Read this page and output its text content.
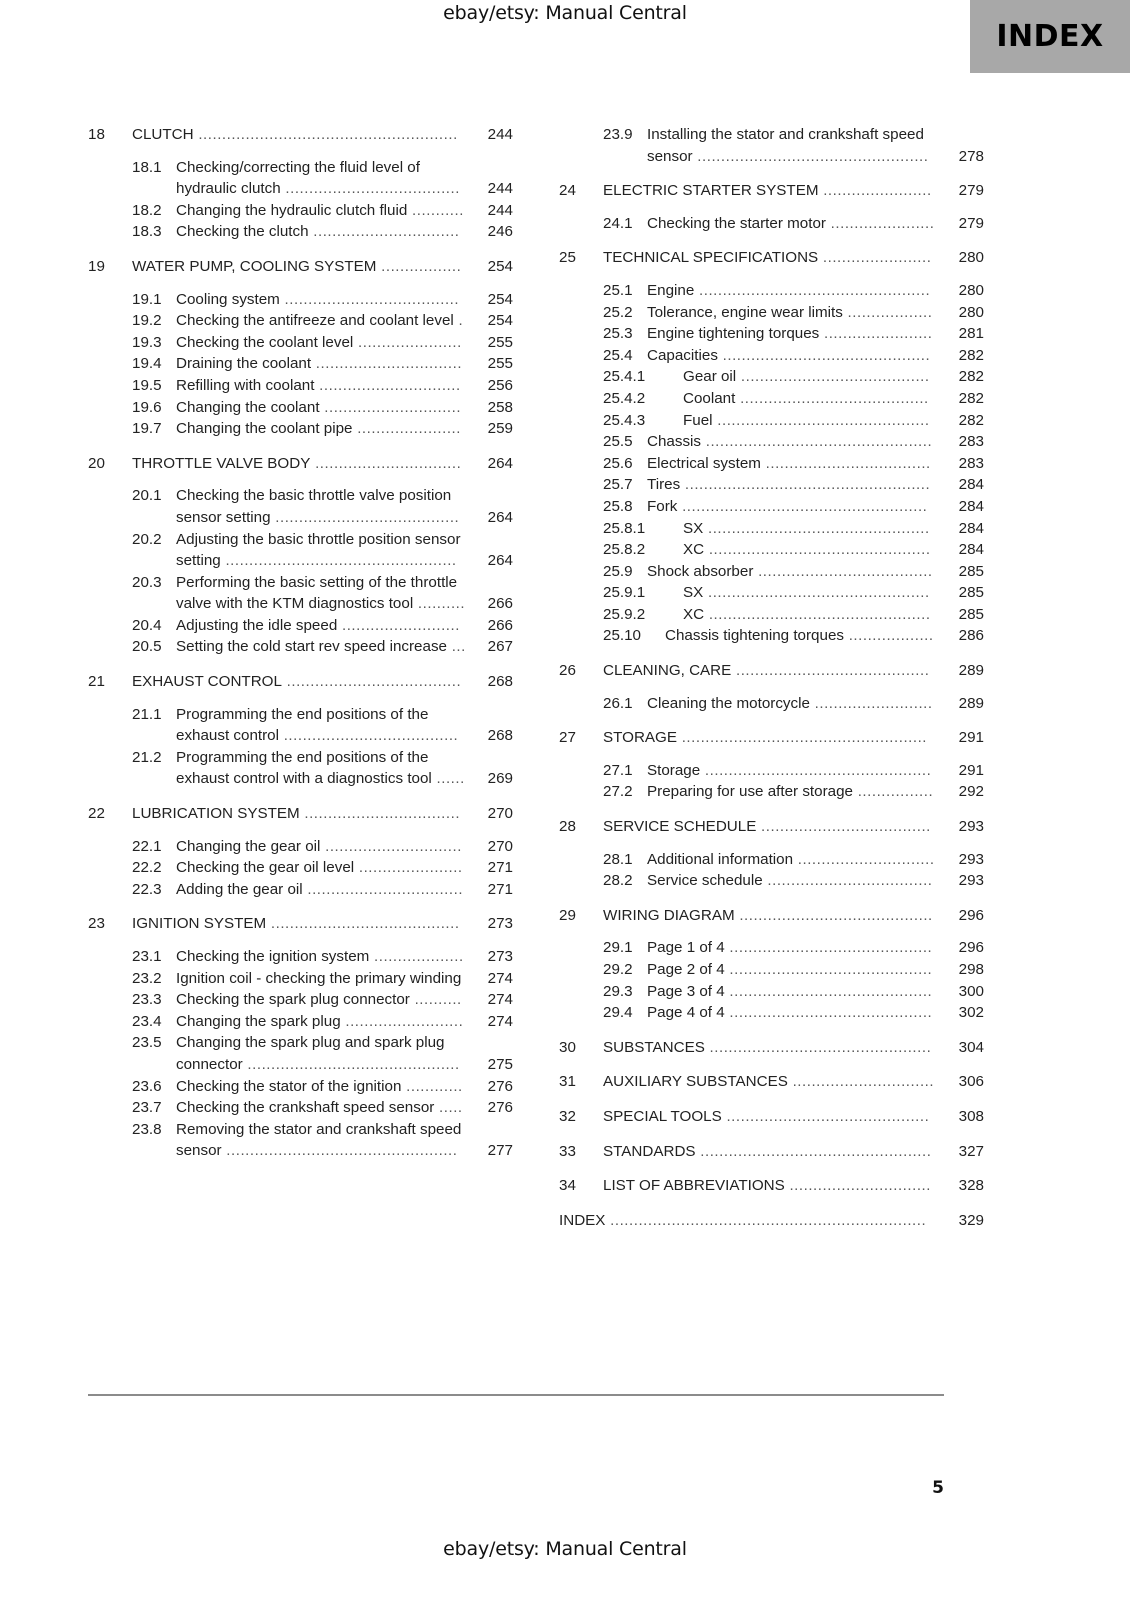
ebay/etsy: Manual Central
INDEX
18	CLUTCH .......................................................	244
18.1 Checking/correcting the fluid level of hydraulic clutch .....................................	244
18.2 Changing the hydraulic clutch fluid ...........	244
18.3 Checking the clutch ...............................	246
19	WATER PUMP, COOLING SYSTEM .................	254
19.1 Cooling system .....................................	254
19.2 Checking the antifreeze and coolant level .	254
19.3 Checking the coolant level ......................	255
19.4 Draining the coolant ...............................	255
19.5 Refilling with coolant ..............................	256
19.6 Changing the coolant .............................	258
19.7 Changing the coolant pipe ......................	259
20	THROTTLE VALVE BODY ...............................	264
20.1 Checking the basic throttle valve position sensor setting .......................................	264
20.2 Adjusting the basic throttle position sensor setting .................................................	264
20.3 Performing the basic setting of the throttle valve with the KTM diagnostics tool ..........	266
20.4 Adjusting the idle speed .........................	266
20.5 Setting the cold start rev speed increase ...	267
21	EXHAUST CONTROL .....................................	268
21.1 Programming the end positions of the exhaust control .....................................	268
21.2 Programming the end positions of the exhaust control with a diagnostics tool ......	269
22	LUBRICATION SYSTEM .................................	270
22.1 Changing the gear oil .............................	270
22.2 Checking the gear oil level ......................	271
22.3 Adding the gear oil .................................	271
23	IGNITION SYSTEM ........................................	273
23.1 Checking the ignition system ...................	273
23.2 Ignition coil - checking the primary winding	274
23.3 Checking the spark plug connector ..........	274
23.4 Changing the spark plug .........................	274
23.5 Changing the spark plug and spark plug connector .............................................	275
23.6 Checking the stator of the ignition ............	276
23.7 Checking the crankshaft speed sensor .....	276
23.8 Removing the stator and crankshaft speed sensor .................................................	277
23.9 Installing the stator and crankshaft speed sensor .................................................	278
24	ELECTRIC STARTER SYSTEM .......................	279
24.1 Checking the starter motor ......................	279
25	TECHNICAL SPECIFICATIONS .......................	280
25.1 Engine .................................................	280
25.2 Tolerance, engine wear limits ..................	280
25.3 Engine tightening torques .......................	281
25.4 Capacities ............................................	282
25.4.1	Gear oil ........................................	282
25.4.2	Coolant ........................................	282
25.4.3	Fuel .............................................	282
25.5 Chassis ................................................	283
25.6 Electrical system ...................................	283
25.7 Tires ....................................................	284
25.8 Fork ....................................................	284
25.8.1	SX ...............................................	284
25.8.2	XC ...............................................	284
25.9 Shock absorber .....................................	285
25.9.1	SX ...............................................	285
25.9.2	XC ...............................................	285
25.10	Chassis tightening torques ..................	286
26	CLEANING, CARE .........................................	289
26.1 Cleaning the motorcycle .........................	289
27	STORAGE ....................................................	291
27.1 Storage ................................................	291
27.2 Preparing for use after storage ................	292
28	SERVICE SCHEDULE ....................................	293
28.1 Additional information .............................	293
28.2 Service schedule ...................................	293
29	WIRING DIAGRAM .........................................	296
29.1 Page 1 of 4 ...........................................	296
29.2 Page 2 of 4 ...........................................	298
29.3 Page 3 of 4 ...........................................	300
29.4 Page 4 of 4 ...........................................	302
30	SUBSTANCES ...............................................	304
31	AUXILIARY SUBSTANCES ..............................	306
32	SPECIAL TOOLS ...........................................	308
33	STANDARDS .................................................	327
34	LIST OF ABBREVIATIONS ..............................	328
INDEX ...................................................................	329
5
ebay/etsy: Manual Central
